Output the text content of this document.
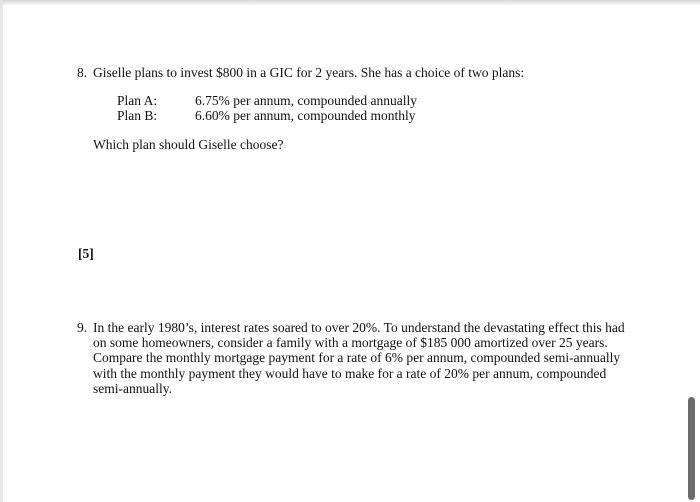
8. Giselle plans to invest $800 in a GIC for 2 years. She has a choice of two plans:
Plan A:	6.75% per annum, compounded annually
Plan B:	6.60% per annum, compounded monthly
Which plan should Giselle choose?
[5]
9. In the early 1980’s, interest rates soared to over 20%. To understand the devastating effect this had on some homeowners, consider a family with a mortgage of $185 000 amortized over 25 years. Compare the monthly mortgage payment for a rate of 6% per annum, compounded semi-annually with the monthly payment they would have to make for a rate of 20% per annum, compounded semi-annually.
